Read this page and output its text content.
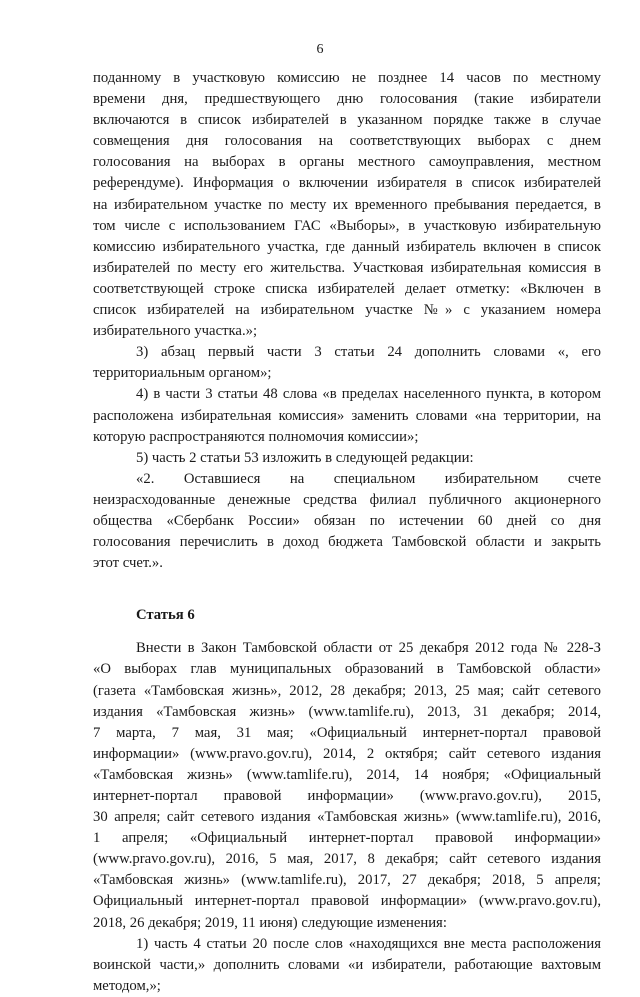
6
поданному в участковую комиссию не позднее 14 часов по местному
времени дня, предшествующего дню голосования (такие избиратели
включаются в список избирателей в указанном порядке также в случае
совмещения дня голосования на соответствующих выборах с днем
голосования на выборах в органы местного самоуправления, местном
референдуме). Информация о включении избирателя в список избирателей
на избирательном участке по месту их временного пребывания передается, в
том числе с использованием ГАС «Выборы», в участковую избирательную
комиссию избирательного участка, где данный избиратель включен в список
избирателей по месту его жительства. Участковая избирательная комиссия в
соответствующей строке списка избирателей делает отметку: «Включен в
список избирателей на избирательном участке №» с указанием номера
избирательного участка.»;
3) абзац первый части 3 статьи 24 дополнить словами «, его
территориальным органом»;
4) в части 3 статьи 48 слова «в пределах населенного пункта, в котором
расположена избирательная комиссия» заменить словами «на территории, на
которую распространяются полномочия комиссии»;
5) часть 2 статьи 53 изложить в следующей редакции:
«2. Оставшиеся на специальном избирательном счете
неизрасходованные денежные средства филиал публичного акционерного
общества «Сбербанк России» обязан по истечении 60 дней со дня
голосования перечислить в доход бюджета Тамбовской области и закрыть
этот счет.».
Статья 6
Внести в Закон Тамбовской области от 25 декабря 2012 года № 228-З
«О выборах глав муниципальных образований в Тамбовской области»
(газета «Тамбовская жизнь», 2012, 28 декабря; 2013, 25 мая; сайт сетевого
издания «Тамбовская жизнь» (www.tamlife.ru), 2013, 31 декабря; 2014,
7 марта, 7 мая, 31 мая; «Официальный интернет-портал правовой
информации» (www.pravo.gov.ru), 2014, 2 октября; сайт сетевого издания
«Тамбовская жизнь» (www.tamlife.ru), 2014, 14 ноября; «Официальный
интернет-портал правовой информации» (www.pravo.gov.ru), 2015,
30 апреля; сайт сетевого издания «Тамбовская жизнь» (www.tamlife.ru), 2016,
1 апреля; «Официальный интернет-портал правовой информации»
(www.pravo.gov.ru), 2016, 5 мая, 2017, 8 декабря; сайт сетевого издания
«Тамбовская жизнь» (www.tamlife.ru), 2017, 27 декабря; 2018, 5 апреля;
Официальный интернет-портал правовой информации» (www.pravo.gov.ru),
2018, 26 декабря; 2019, 11 июня) следующие изменения:
1) часть 4 статьи 20 после слов «находящихся вне места расположения
воинской части,» дополнить словами «и избиратели, работающие вахтовым
методом,»;
